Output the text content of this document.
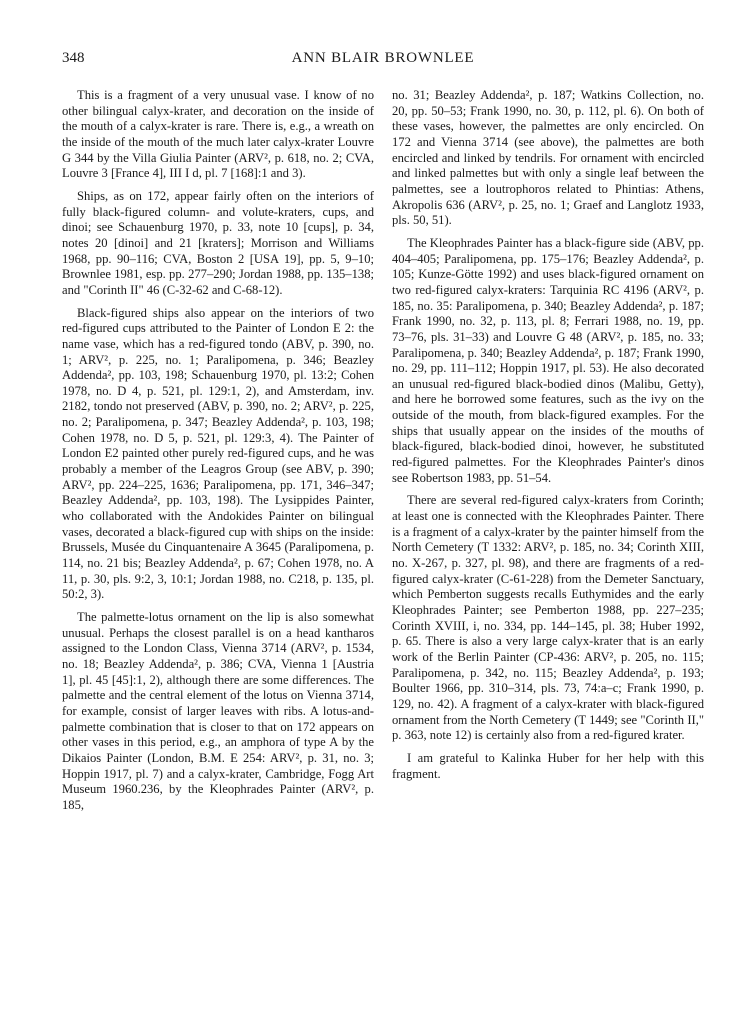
348	ANN BLAIR BROWNLEE

This is a fragment of a very unusual vase. I know of no other bilingual calyx-krater, and decoration on the inside of the mouth of a calyx-krater is rare. There is, e.g., a wreath on the inside of the mouth of the much later calyx-krater Louvre G 344 by the Villa Giulia Painter (ARV², p. 618, no. 2; CVA, Louvre 3 [France 4], III I d, pl. 7 [168]:1 and 3).

Ships, as on 172, appear fairly often on the interiors of fully black-figured column- and volute-kraters, cups, and dinoi; see Schauenburg 1970, p. 33, note 10 [cups], p. 34, notes 20 [dinoi] and 21 [kraters]; Morrison and Williams 1968, pp. 90–116; CVA, Boston 2 [USA 19], pp. 5, 9–10; Brownlee 1981, esp. pp. 277–290; Jordan 1988, pp. 135–138; and "Corinth II" 46 (C-32-62 and C-68-12).

Black-figured ships also appear on the interiors of two red-figured cups attributed to the Painter of London E 2: the name vase, which has a red-figured tondo (ABV, p. 390, no. 1; ARV², p. 225, no. 1; Paralipomena, p. 346; Beazley Addenda², pp. 103, 198; Schauenburg 1970, pl. 13:2; Cohen 1978, no. D 4, p. 521, pl. 129:1, 2), and Amsterdam, inv. 2182, tondo not preserved (ABV, p. 390, no. 2; ARV², p. 225, no. 2; Paralipomena, p. 347; Beazley Addenda², p. 103, 198; Cohen 1978, no. D 5, p. 521, pl. 129:3, 4). The Painter of London E2 painted other purely red-figured cups, and he was probably a member of the Leagros Group (see ABV, p. 390; ARV², pp. 224–225, 1636; Paralipomena, pp. 171, 346–347; Beazley Addenda², pp. 103, 198). The Lysippides Painter, who collaborated with the Andokides Painter on bilingual vases, decorated a black-figured cup with ships on the inside: Brussels, Musée du Cinquantenaire A 3645 (Paralipomena, p. 114, no. 21 bis; Beazley Addenda², p. 67; Cohen 1978, no. A 11, p. 30, pls. 9:2, 3, 10:1; Jordan 1988, no. C218, p. 135, pl. 50:2, 3).

The palmette-lotus ornament on the lip is also somewhat unusual. Perhaps the closest parallel is on a head kantharos assigned to the London Class, Vienna 3714 (ARV², p. 1534, no. 18; Beazley Addenda², p. 386; CVA, Vienna 1 [Austria 1], pl. 45 [45]:1, 2), although there are some differences. The palmette and the central element of the lotus on Vienna 3714, for example, consist of larger leaves with ribs. A lotus-and-palmette combination that is closer to that on 172 appears on other vases in this period, e.g., an amphora of type A by the Dikaios Painter (London, B.M. E 254: ARV², p. 31, no. 3; Hoppin 1917, pl. 7) and a calyx-krater, Cambridge, Fogg Art Museum 1960.236, by the Kleophrades Painter (ARV², p. 185,

no. 31; Beazley Addenda², p. 187; Watkins Collection, no. 20, pp. 50–53; Frank 1990, no. 30, p. 112, pl. 6). On both of these vases, however, the palmettes are only encircled. On 172 and Vienna 3714 (see above), the palmettes are both encircled and linked by tendrils. For ornament with encircled and linked palmettes but with only a single leaf between the palmettes, see a loutrophoros related to Phintias: Athens, Akropolis 636 (ARV², p. 25, no. 1; Graef and Langlotz 1933, pls. 50, 51).

The Kleophrades Painter has a black-figure side (ABV, pp. 404–405; Paralipomena, pp. 175–176; Beazley Addenda², p. 105; Kunze-Götte 1992) and uses black-figured ornament on two red-figured calyx-kraters: Tarquinia RC 4196 (ARV², p. 185, no. 35: Paralipomena, p. 340; Beazley Addenda², p. 187; Frank 1990, no. 32, p. 113, pl. 8; Ferrari 1988, no. 19, pp. 73–76, pls. 31–33) and Louvre G 48 (ARV², p. 185, no. 33; Paralipomena, p. 340; Beazley Addenda², p. 187; Frank 1990, no. 29, pp. 111–112; Hoppin 1917, pl. 53). He also decorated an unusual red-figured black-bodied dinos (Malibu, Getty), and here he borrowed some features, such as the ivy on the outside of the mouth, from black-figured examples. For the ships that usually appear on the insides of the mouths of black-figured, black-bodied dinoi, however, he substituted red-figured palmettes. For the Kleophrades Painter's dinos see Robertson 1983, pp. 51–54.

There are several red-figured calyx-kraters from Corinth; at least one is connected with the Kleophrades Painter. There is a fragment of a calyx-krater by the painter himself from the North Cemetery (T 1332: ARV², p. 185, no. 34; Corinth XIII, no. X-267, p. 327, pl. 98), and there are fragments of a red-figured calyx-krater (C-61-228) from the Demeter Sanctuary, which Pemberton suggests recalls Euthymides and the early Kleophrades Painter; see Pemberton 1988, pp. 227–235; Corinth XVIII, i, no. 334, pp. 144–145, pl. 38; Huber 1992, p. 65. There is also a very large calyx-krater that is an early work of the Berlin Painter (CP-436: ARV², p. 205, no. 115; Paralipomena, p. 342, no. 115; Beazley Addenda², p. 193; Boulter 1966, pp. 310–314, pls. 73, 74:a–c; Frank 1990, p. 129, no. 42). A fragment of a calyx-krater with black-figured ornament from the North Cemetery (T 1449; see "Corinth II," p. 363, note 12) is certainly also from a red-figured krater.

I am grateful to Kalinka Huber for her help with this fragment.
